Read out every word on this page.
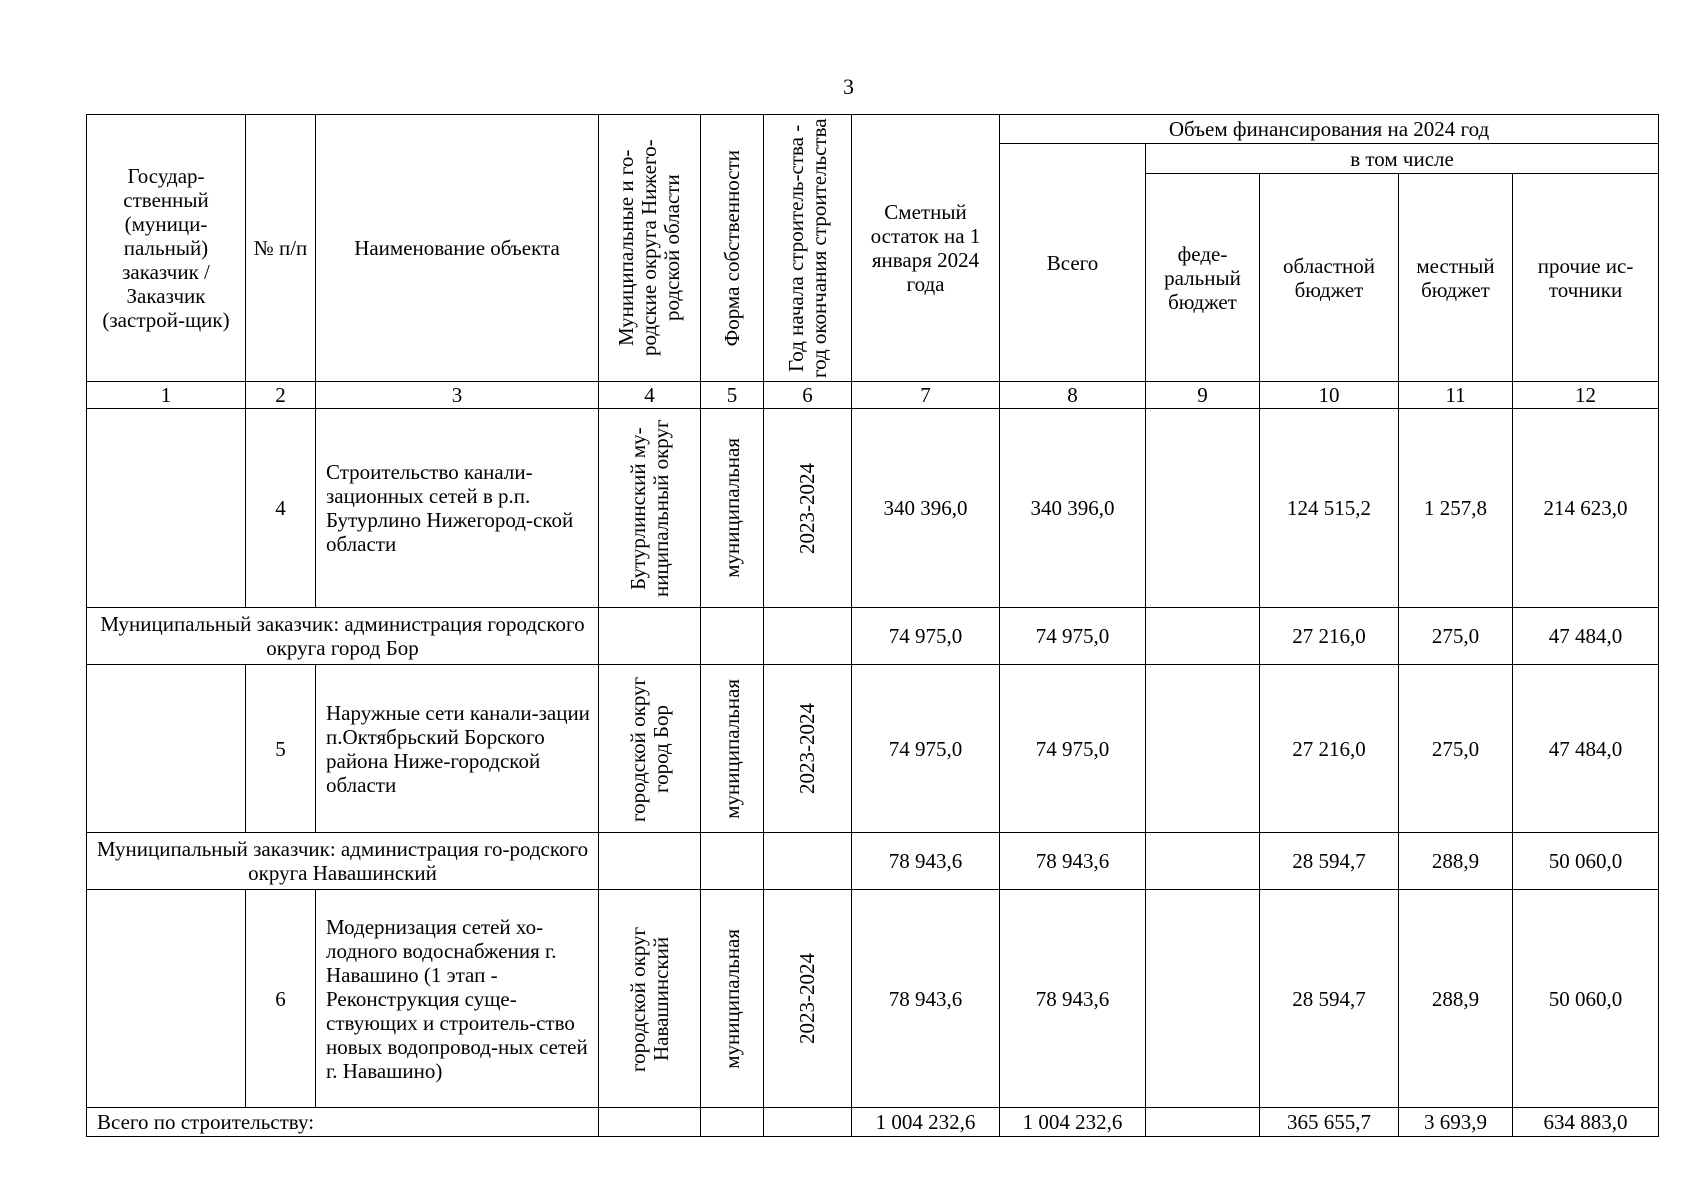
3
Государ-ственный (муници-пальный) заказчик / Заказчик (застрой-щик)	№ п/п	Наименование объекта	Муниципальные и го-родские округа Нижего-родской области	Форма собственности	Год начала строитель-ства - год окончания строительства	Сметный остаток на 1 января 2024 года	Объем финансирования на 2024 год				
							Всего	в том числе			
								феде-ральный бюджет	областной бюджет	местный бюджет	прочие ис-точники
1	2	3	4	5	6	7	8	9	10	11	12
	4	Строительство канали-зационных сетей в р.п. Бутурлино Нижегород-ской области	Бутурлинский му-ниципальный округ	муниципальная	2023-2024	340 396,0	340 396,0		124 515,2	1 257,8	214 623,0
Муниципальный заказчик: администрация городского округа город Бор						74 975,0	74 975,0		27 216,0	275,0	47 484,0
	5	Наружные сети канали-зации п.Октябрьский Борского района Ниже-городской области	городской округ город Бор	муниципальная	2023-2024	74 975,0	74 975,0		27 216,0	275,0	47 484,0
Муниципальный заказчик: администрация го-родского округа Навашинский						78 943,6	78 943,6		28 594,7	288,9	50 060,0
	6	Модернизация сетей хо-лодного водоснабжения г. Навашино (1 этап - Реконструкция суще-ствующих и строитель-ство новых водопровод-ных сетей г. Навашино)	городской округ Навашинский	муниципальная	2023-2024	78 943,6	78 943,6		28 594,7	288,9	50 060,0
Всего по строительству:						1 004 232,6	1 004 232,6		365 655,7	3 693,9	634 883,0
